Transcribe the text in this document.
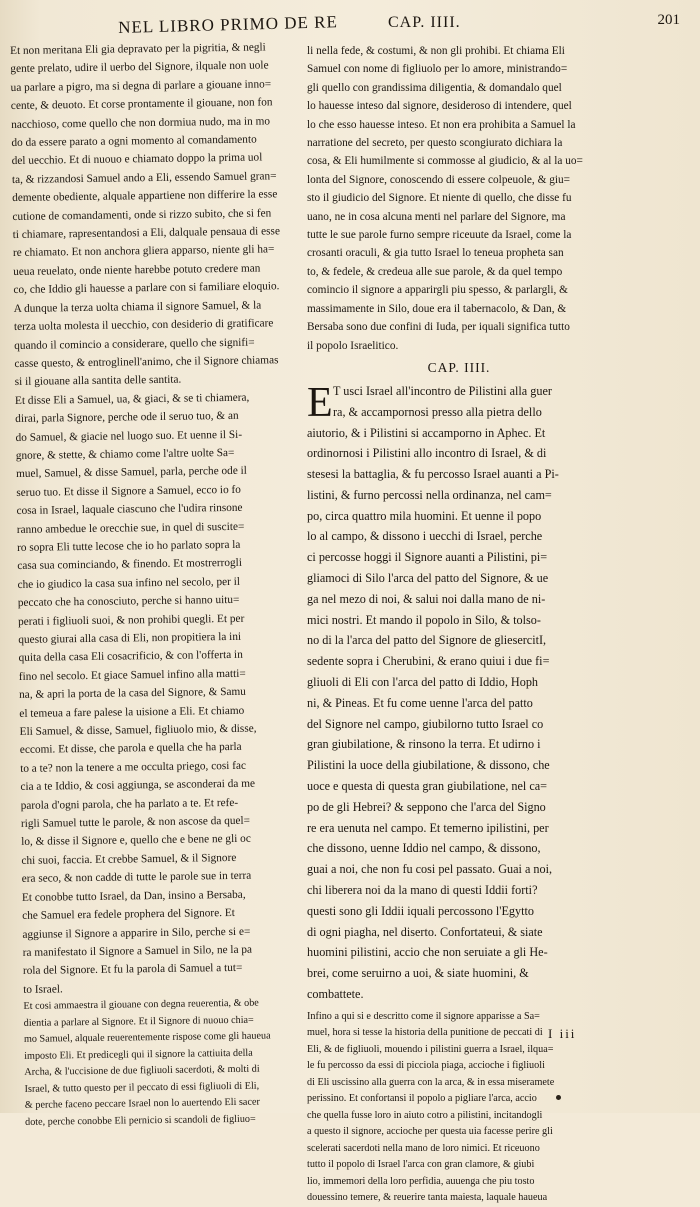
NEL LIBRO PRIMO DE RE	CAP. IIII.	201
Et non meritana Eli gia depravato per la pigritia, & negli
gente prelato, udire il uerbo del Signore, ilquale non uole
ua parlare a pigro, ma si degna di parlare a giouane inno=
cente, & deuoto. Et corse prontamente il giouane, non fon
nacchioso, come quello che non dormiua nudo, ma in mo
do da essere parato a ogni momento al comandamento
del uecchio. Et di nuouo e chiamato doppo la prima uol
ta, & rizzandosi Samuel ando a Eli, essendo Samuel gran=
demente obediente, alquale appartiene non differire la esse
cutione de comandamenti, onde si rizzo subito, che si fen
ti chiamare, rapresentandosi a Eli, dalquale pensaua di esse
re chiamato. Et non anchora gliera apparso, niente gli ha=
ueua reuelato, onde niente harebbe potuto credere man
co, che Iddio gli hauesse a parlare con si familiare eloquio.
A dunque la terza uolta chiama il signore Samuel, & la
terza uolta molesta il uecchio, con desiderio di gratificare
quando il comincio a considerare, quello che signifi=
casse questo, & entroglinell'animo, che il Signore chiamas
si il giouane alla santita delle santita.
Et disse Eli a Samuel, ua, & giaci, & se ti chiamera,
dirai, parla Signore, perche ode il seruo tuo, & an
do Samuel, & giacie nel luogo suo. Et uenne il Si-
gnore, & stette, & chiamo come l'altre uolte Sa=
muel, Samuel, & disse Samuel, parla, perche ode il
seruo tuo. Et disse il Signore a Samuel, ecco io fo
cosa in Israel, laquale ciascuno che l'udira rinsone
ranno ambedue le orecchie sue, in quel di suscite=
ro sopra Eli tutte lecose che io ho parlato sopra la
casa sua cominciando, & finendo. Et mostrerrogli
che io giudico la casa sua infino nel secolo, per il
peccato che ha conosciuto, perche si hanno uitu=
perati i figliuoli suoi, & non prohibi quegli. Et per
questo giurai alla casa di Eli, non propitiera la ini
quita della casa Eli cosacrificio, & con l'offerta in
fino nel secolo. Et giace Samuel infino alla matti=
na, & apri la porta de la casa del Signore, & Samu
el temeua a fare palese la uisione a Eli. Et chiamo
Eli Samuel, & disse, Samuel, figliuolo mio, & disse,
eccomi. Et disse, che parola e quella che ha parla
to a te? non la tenere a me occulta priego, cosi fac
cia a te Iddio, & cosi aggiunga, se asconderai da me
parola d'ogni parola, che ha parlato a te. Et refe-
rigli Samuel tutte le parole, & non ascose da quel=
lo, & disse il Signore e, quello che e bene ne gli oc
chi suoi, faccia. Et crebbe Samuel, & il Signore
era seco, & non cadde di tutte le parole sue in terra
Et conobbe tutto Israel, da Dan, insino a Bersaba,
che Samuel era fedele prophera del Signore. Et
aggiunse il Signore a apparire in Silo, perche si e=
ra manifestato il Signore a Samuel in Silo, ne la pa
rola del Signore. Et fu la parola di Samuel a tut=
to Israel.
Et cosi ammaestra il giouane con degna reuerentia, & obe
dientia a parlare al Signore. Et il Signore di nuouo chia=
mo Samuel, alquale reuerentemente rispose come gli haueua
imposto Eli. Et predicegli qui il signore la cattiuita della
Archa, & l'uccisione de due figliuoli sacerdoti, & molti di
Israel, & tutto questo per il peccato di essi figliuoli di Eli,
& perche faceno peccare Israel non lo auertendo Eli sacer
dote, perche conobbe Eli pernicio si scandoli de figliuo=
li nella fede, & costumi, & non gli prohibi. Et chiama Eli
Samuel con nome di figliuolo per lo amore, ministrando=
gli quello con grandissima diligentia, & domandalo quel
lo hauesse inteso dal signore, desideroso di intendere, quel
lo che esso hauesse inteso. Et non era prohibita a Samuel la
narratione del secreto, per questo scongiurato dichiara la
cosa, & Eli humilmente si commosse al giudicio, & al la uo=
lonta del Signore, conoscendo di essere colpeuole, & giu=
sto il giudicio del Signore. Et niente di quello, che disse fu
uano, ne in cosa alcuna menti nel parlare del Signore, ma
tutte le sue parole furno sempre riceuute da Israel, come la
crosanti oraculi, & gia tutto Israel lo teneua propheta san
to, & fedele, & credeua alle sue parole, & da quel tempo
comincio il signore a apparirgli piu spesso, & parlargli, &
massimamente in Silo, doue era il tabernacolo, & Dan, &
Bersaba sono due confini di Iuda, per iquali significa tutto
il popolo Israelitico.
CAP. IIII.
E T usci Israel all'incontro de Pilistini alla guer
ra, & accampornosi presso alla pietra dello
aiutorio, & i Pilistini si accamporno in Aphec. Et
ordinornosi i Pilistini allo incontro di Israel, & di
stesesi la battaglia, & fu percosso Israel auanti a Pi-
listini, & furno percossi nella ordinanza, nel cam=
po, circa quattro mila huomini. Et uenne il popo
lo al campo, & dissono i uecchi di Israel, perche
ci percosse hoggi il Signore auanti a Pilistini, pi=
gliamoci di Silo l'arca del patto del Signore, & ue
ga nel mezo di noi, & salui noi dalla mano de ni-
mici nostri. Et mando il popolo in Silo, & tolso-
no di la l'arca del patto del Signore de gliesercitI,
sedente sopra i Cherubini, & erano quiui i due fi=
gliuoli di Eli con l'arca del patto di Iddio, Hoph
ni, & Pineas. Et fu come uenne l'arca del patto
del Signore nel campo, giubilorno tutto Israel co
gran giubilatione, & rinsono la terra. Et udirno i
Pilistini la uoce della giubilatione, & dissono, che
uoce e questa di questa gran giubilatione, nel ca=
po de gli Hebrei? & seppono che l'arca del Signo
re era uenuta nel campo. Et temerno ipilistini, per
che dissono, uenne Iddio nel campo, & dissono,
guai a noi, che non fu cosi pel passato. Guai a noi,
chi liberera noi da la mano di questi Iddii forti?
questi sono gli Iddii iquali percossono l'Egytto
di ogni piagha, nel diserto. Confortateui, & siate
huomini pilistini, accio che non seruiate a gli He-
brei, come seruirno a uoi, & siate huomini, &
combattete.
Infino a qui si e descritto come il signore apparisse a Sa=
muel, hora si tesse la historia della punitione de peccati di
Eli, & de figliuoli, mouendo i pilistini guerra a Israel, ilqua=
le fu percosso da essi di picciola piaga, accioche i figliuoli
di Eli uscissino alla guerra con la arca, & in essa miseramete
perissino. Et confortansi il popolo a pigliare l'arca, accio
che quella fusse loro in aiuto cotro a pilistini, incitandogli
a questo il signore, accioche per questa uia facesse perire gli
scelerati sacerdoti nella mano de loro nimici. Et riceuono
tutto il popolo di Israel l'arca con gran clamore, & giubi
lio, immemori della loro perfidia, auuenga che piu tosto
douessino temere, & reuerire tanta maiesta, laquale haueua
I iii
